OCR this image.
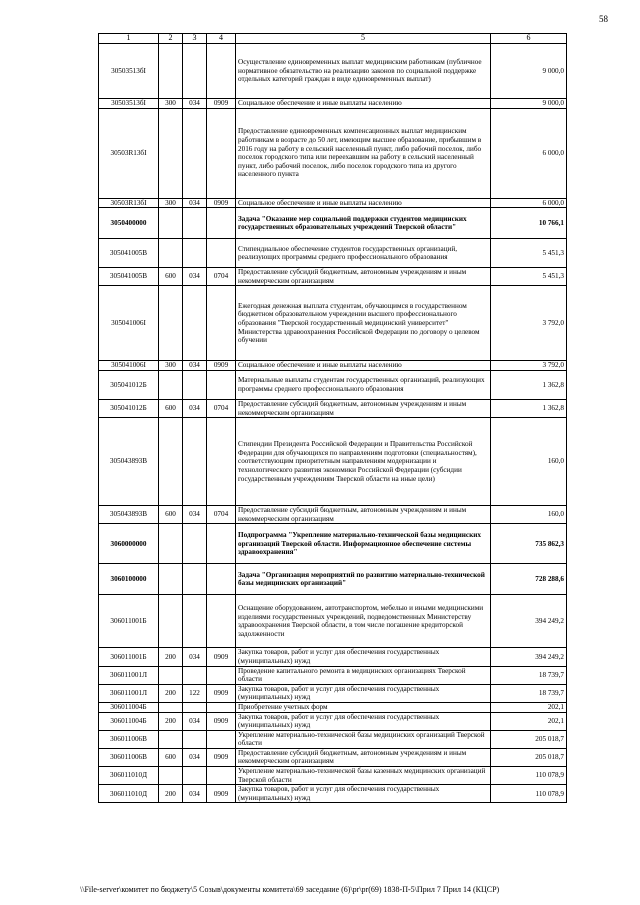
58
1	2	3	4	5	6
30503513бІ				Осуществление единовременных выплат медицинским работникам (публичное нормативное обязательство на реализацию законов по социальной поддержке отдельных категорий граждан в виде единовременных выплат)	9 000,0
30503513бІ	300	034	0909	Социальное обеспечение и иные выплаты населению	9 000,0
30503R13бІ				Предоставление единовременных компенсационных выплат медицинским работникам в возрасте до 50 лет, имеющим высшее образование, прибывшим в 2016 году на работу в сельский населенный пункт, либо рабочий поселок, либо поселок городского типа или переехавшим на работу в сельский населенный пункт, либо рабочий поселок, либо поселок городского типа из другого населенного пункта	6 000,0
30503R13бІ	300	034	0909	Социальное обеспечение и иные выплаты населению	6 000,0
3050400000				Задача "Оказание мер социальной поддержки студентов медицинских государственных образовательных учреждений Тверской области"	10 766,1
305041005В				Стипендиальное обеспечение студентов государственных организаций, реализующих программы среднего профессионального образования	5 451,3
305041005В	600	034	0704	Предоставление субсидий бюджетным, автономным учреждениям и иным некоммерческим организациям	5 451,3
305041006І				Ежегодная денежная выплата студентам, обучающимся в государственном бюджетном образовательном учреждении высшего профессионального образования "Тверской государственный медицинский университет" Министерства здравоохранения Российской Федерации по договору о целевом обучении	3 792,0
305041006І	300	034	0909	Социальное обеспечение и иные выплаты населению	3 792,0
305041012Б				Материальные выплаты студентам государственных организаций, реализующих программы среднего профессионального образования	1 362,8
305041012Б	600	034	0704	Предоставление субсидий бюджетным, автономным учреждениям и иным некоммерческим организациям	1 362,8
305043893В				Стипендии Президента Российской Федерации и Правительства Российской Федерации для обучающихся по направлениям подготовки (специальностям), соответствующим приоритетным направлениям модернизации и технологического развития экономики Российской Федерации (субсидии государственным учреждениям Тверской области на иные цели)	160,0
305043893В	600	034	0704	Предоставление субсидий бюджетным, автономным учреждениям и иным некоммерческим организациям	160,0
3060000000				Подпрограмма "Укрепление материально-технической базы медицинских организаций Тверской области. Информационное обеспечение системы здравоохранения"	735 862,3
3060100000				Задача "Организация мероприятий по развитию материально-технической базы медицинских организаций"	728 288,6
306011001Б				Оснащение оборудованием, автотранспортом, мебелью и иными медицинскими изделиями государственных учреждений, подведомственных Министерству здравоохранения Тверской области, в том числе погашение кредиторской задолженности	394 249,2
306011001Б	200	034	0909	Закупка товаров, работ и услуг для обеспечения государственных (муниципальных) нужд	394 249,2
306011001Л				Проведение капитального ремонта в медицинских организациях Тверской области	18 739,7
306011001Л	200	122	0909	Закупка товаров, работ и услуг для обеспечения государственных (муниципальных) нужд	18 739,7
306011004Б				Приобретение учетных форм	202,1
306011004Б	200	034	0909	Закупка товаров, работ и услуг для обеспечения государственных (муниципальных) нужд	202,1
306011006В				Укрепление материально-технической базы медицинских организаций Тверской области	205 018,7
306011006В	600	034	0909	Предоставление субсидий бюджетным, автономным учреждениям и иным некоммерческим организациям	205 018,7
306011010Д				Укрепление материально-технической базы казенных медицинских организаций Тверской области	110 078,9
306011010Д	200	034	0909	Закупка товаров, работ и услуг для обеспечения государственных (муниципальных) нужд	110 078,9
\\File-server\комитет по бюджету\5 Созыв\документы комитета\69 заседание (6)\pr\pr(69) 1838-П-5\Прил 7 Прил 14 (КЦСР)
